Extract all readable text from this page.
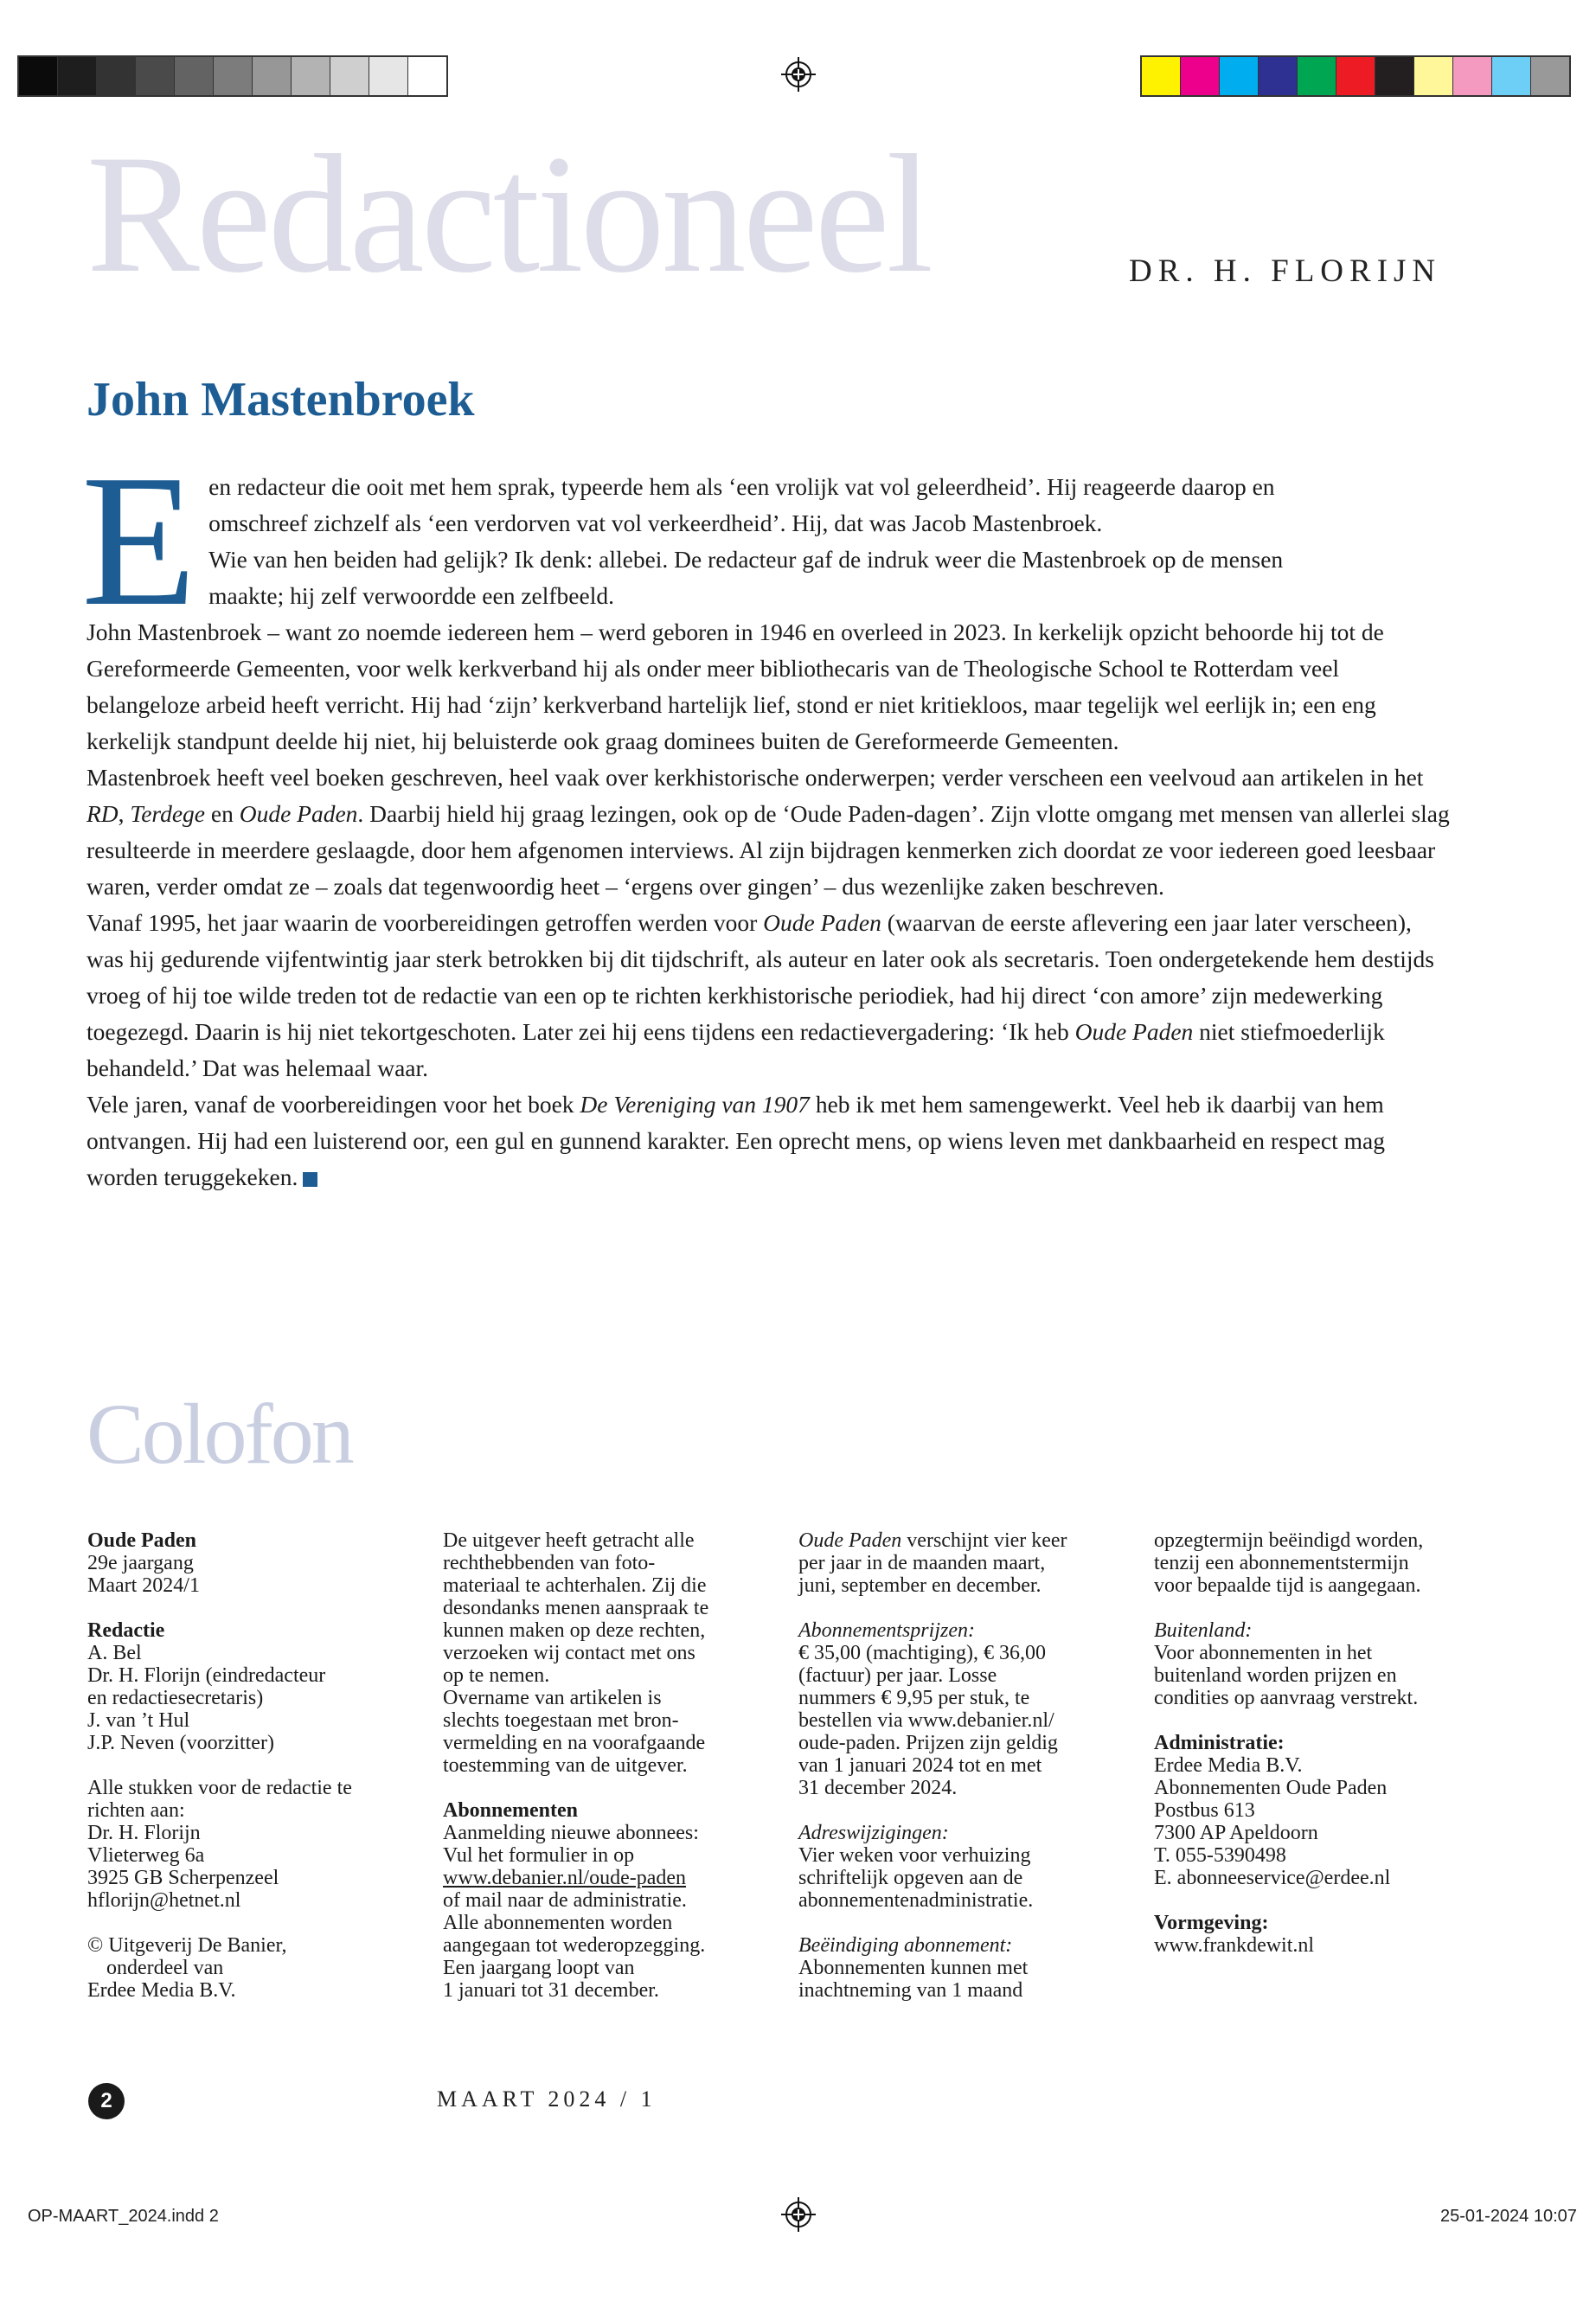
Redactioneel	DR. H. FLORIJN
John Mastenbroek
E en redacteur die ooit met hem sprak, typeerde hem als ‘een vrolijk vat vol geleerdheid’. Hij reageerde daarop en
omschreef zichzelf als ‘een verdorven vat vol verkeerdheid’. Hij, dat was Jacob Mastenbroek.
Wie van hen beiden had gelijk? Ik denk: allebei. De redacteur gaf de indruk weer die Mastenbroek op de mensen
maakte; hij zelf verwoordde een zelfbeeld.

John Mastenbroek – want zo noemde iedereen hem – werd geboren in 1946 en overleed in 2023. In kerkelijk opzicht behoorde hij tot de Gereformeerde Gemeenten, voor welk kerkverband hij als onder meer bibliothecaris van de Theologische School te Rotterdam veel belangeloze arbeid heeft verricht. Hij had ‘zijn’ kerkverband hartelijk lief, stond er niet kritiekloos, maar tegelijk wel eerlijk in; een eng kerkelijk standpunt deelde hij niet, hij beluisterde ook graag dominees buiten de Gereformeerde Gemeenten.

Mastenbroek heeft veel boeken geschreven, heel vaak over kerkhistorische onderwerpen; verder verscheen een veelvoud aan artikelen in het RD, Terdege en Oude Paden. Daarbij hield hij graag lezingen, ook op de ‘Oude Paden-dagen’. Zijn vlotte omgang met mensen van allerlei slag resulteerde in meerdere geslaagde, door hem afgenomen interviews. Al zijn bijdragen kenmerken zich doordat ze voor iedereen goed leesbaar waren, verder omdat ze – zoals dat tegenwoordig heet – ‘ergens over gingen’ – dus wezenlijke zaken beschreven.

Vanaf 1995, het jaar waarin de voorbereidingen getroffen werden voor Oude Paden (waarvan de eerste aflevering een jaar later verscheen), was hij gedurende vijfentwintig jaar sterk betrokken bij dit tijdschrift, als auteur en later ook als secretaris. Toen ondergetekende hem destijds vroeg of hij toe wilde treden tot de redactie van een op te richten kerkhistorische periodiek, had hij direct ‘con amore’ zijn medewerking toegezegd. Daarin is hij niet tekortgeschoten. Later zei hij eens tijdens een redactievergadering: ‘Ik heb Oude Paden niet stiefmoederlijk behandeld.’ Dat was helemaal waar.

Vele jaren, vanaf de voorbereidingen voor het boek De Vereniging van 1907 heb ik met hem samengewerkt. Veel heb ik daarbij van hem ontvangen. Hij had een luisterend oor, een gul en gunnend karakter. Een oprecht mens, op wiens leven met dankbaarheid en respect mag worden teruggekeken.

Colofon

Oude Paden

29e jaargang

Maart 2024/1

Redactie

A. Bel

Dr. H. Florijn (eindredacteur

en redactiesecretaris)

J. van ’t Hul

J.P. Neven (voorzitter)

Alle stukken voor de redactie te

richten aan:

Dr. H. Florijn

Vlieterweg 6a

3925 GB Scherpenzeel

hflorijn@hetnet.nl

© Uitgeverij De Banier,

onderdeel van

Erdee Media B.V.

De uitgever heeft getracht alle

rechthebbenden van foto-

materiaal te achterhalen. Zij die

desondanks menen aanspraak te

kunnen maken op deze rechten,

verzoeken wij contact met ons

op te nemen.

Overname van artikelen is

slechts toegestaan met bron-

vermelding en na voorafgaande

toestemming van de uitgever.

Abonnementen

Aanmelding nieuwe abonnees:

Vul het formulier in op

www.debanier.nl/oude-paden

of mail naar de administratie.

Alle abonnementen worden

aangegaan tot wederopzegging.

Een jaargang loopt van

1 januari tot 31 december.

Oude Paden verschijnt vier keer

per jaar in de maanden maart,

juni, september en december.

Abonnementsprijzen:

€ 35,00 (machtiging), € 36,00

(factuur) per jaar. Losse

nummers € 9,95 per stuk, te

bestellen via www.debanier.nl/

oude-paden. Prijzen zijn geldig

van 1 januari 2024 tot en met

31 december 2024.

Adreswijzigingen:

Vier weken voor verhuizing

schriftelijk opgeven aan de

abonnementenadministratie.

Beëindiging abonnement:

Abonnementen kunnen met

inachtneming van 1 maand

opzegtermijn beëindigd worden,

tenzij een abonnementstermijn

voor bepaalde tijd is aangegaan.

Buitenland:

Voor abonnementen in het

buitenland worden prijzen en

condities op aanvraag verstrekt.

Administratie:

Erdee Media B.V.

Abonnementen Oude Paden

Postbus 613

7300 AP Apeldoorn

T. 055-5390498

E. abonneeservice@erdee.nl

Vormgeving:

www.frankdewit.nl

2	MAART 2024 / 1
OP-MAART_2024.indd 2	25-01-2024 10:07
